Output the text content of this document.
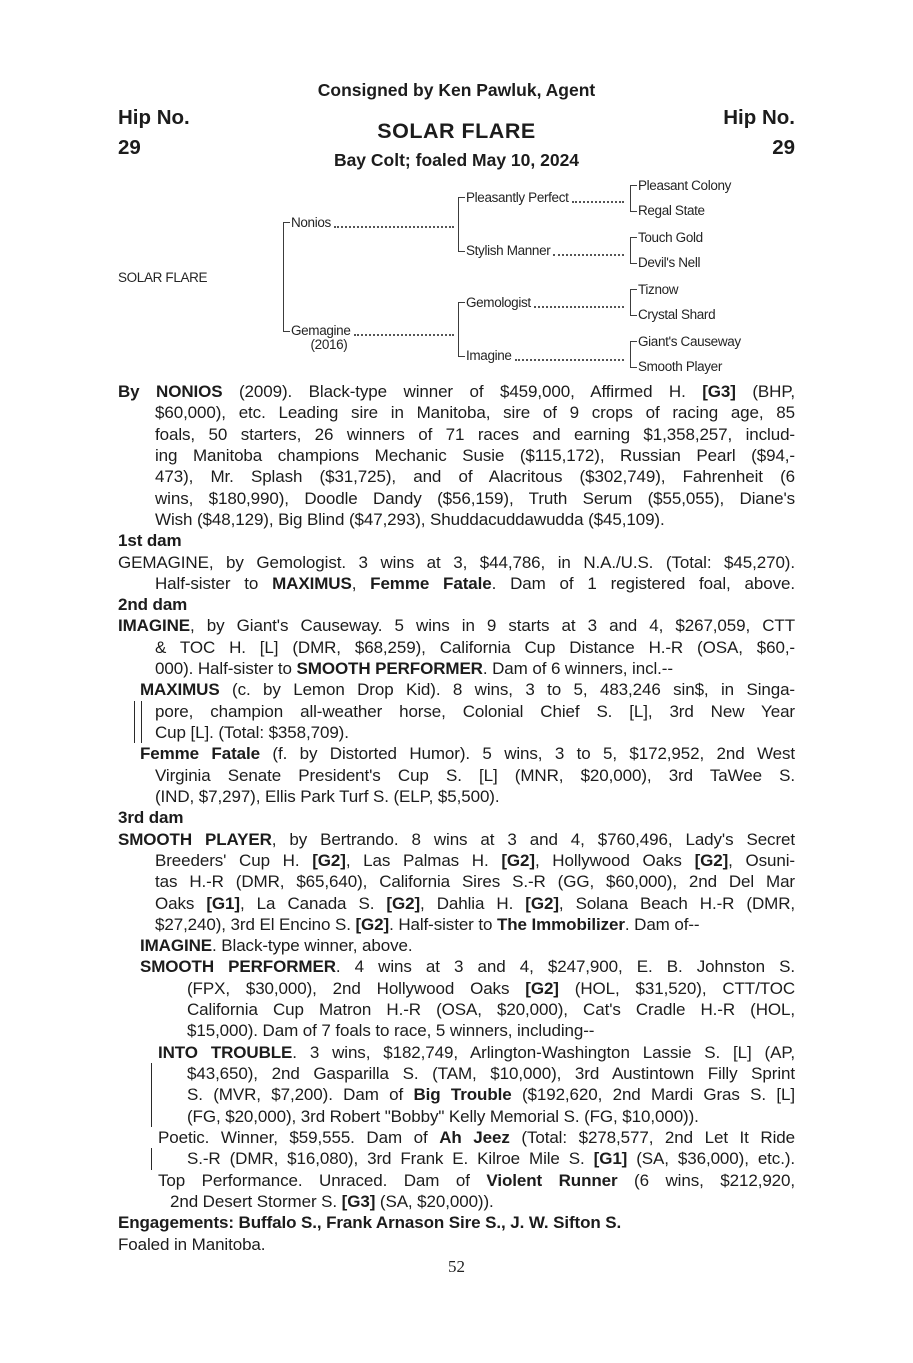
Consigned by Ken Pawluk, Agent
Hip No.
29
Hip No.
29
SOLAR FLARE
Bay Colt; foaled May 10, 2024
SOLAR FLARE
Nonios
Gemagine
(2016)
Pleasantly Perfect
Stylish Manner
Gemologist
Imagine
Pleasant Colony
Regal State
Touch Gold
Devil's Nell
Tiznow
Crystal Shard
Giant's Causeway
Smooth Player
By NONIOS (2009). Black-type winner of $459,000, Affirmed H. [G3] (BHP,
$60,000), etc. Leading sire in Manitoba, sire of 9 crops of racing age, 85
foals, 50 starters, 26 winners of 71 races and earning $1,358,257, includ-
ing Manitoba champions Mechanic Susie ($115,172), Russian Pearl ($94,-
473), Mr. Splash ($31,725), and of Alacritous ($302,749), Fahrenheit (6
wins, $180,990), Doodle Dandy ($56,159), Truth Serum ($55,055), Diane's
Wish ($48,129), Big Blind ($47,293), Shuddacuddawudda ($45,109).
1st dam
GEMAGINE, by Gemologist. 3 wins at 3, $44,786, in N.A./U.S. (Total: $45,270).
Half-sister to MAXIMUS, Femme Fatale. Dam of 1 registered foal, above.
2nd dam
IMAGINE, by Giant's Causeway. 5 wins in 9 starts at 3 and 4, $267,059, CTT
& TOC H. [L] (DMR, $68,259), California Cup Distance H.-R (OSA, $60,-
000). Half-sister to SMOOTH PERFORMER. Dam of 6 winners, incl.--
MAXIMUS (c. by Lemon Drop Kid). 8 wins, 3 to 5, 483,246 sin$, in Singa-
pore, champion all-weather horse, Colonial Chief S. [L], 3rd New Year
Cup [L]. (Total: $358,709).
Femme Fatale (f. by Distorted Humor). 5 wins, 3 to 5, $172,952, 2nd West
Virginia Senate President's Cup S. [L] (MNR, $20,000), 3rd TaWee S.
(IND, $7,297), Ellis Park Turf S. (ELP, $5,500).
3rd dam
SMOOTH PLAYER, by Bertrando. 8 wins at 3 and 4, $760,496, Lady's Secret
Breeders' Cup H. [G2], Las Palmas H. [G2], Hollywood Oaks [G2], Osuni-
tas H.-R (DMR, $65,640), California Sires S.-R (GG, $60,000), 2nd Del Mar
Oaks [G1], La Canada S. [G2], Dahlia H. [G2], Solana Beach H.-R (DMR,
$27,240), 3rd El Encino S. [G2]. Half-sister to The Immobilizer. Dam of--
IMAGINE. Black-type winner, above.
SMOOTH PERFORMER. 4 wins at 3 and 4, $247,900, E. B. Johnston S.
(FPX, $30,000), 2nd Hollywood Oaks [G2] (HOL, $31,520), CTT/TOC
California Cup Matron H.-R (OSA, $20,000), Cat's Cradle H.-R (HOL,
$15,000). Dam of 7 foals to race, 5 winners, including--
INTO TROUBLE. 3 wins, $182,749, Arlington-Washington Lassie S. [L] (AP,
$43,650), 2nd Gasparilla S. (TAM, $10,000), 3rd Austintown Filly Sprint
S. (MVR, $7,200). Dam of Big Trouble ($192,620, 2nd Mardi Gras S. [L]
(FG, $20,000), 3rd Robert "Bobby" Kelly Memorial S. (FG, $10,000)).
Poetic. Winner, $59,555. Dam of Ah Jeez (Total: $278,577, 2nd Let It Ride
S.-R (DMR, $16,080), 3rd Frank E. Kilroe Mile S. [G1] (SA, $36,000), etc.).
Top Performance. Unraced. Dam of Violent Runner (6 wins, $212,920,
2nd Desert Stormer S. [G3] (SA, $20,000)).
Engagements: Buffalo S., Frank Arnason Sire S., J. W. Sifton S.
Foaled in Manitoba.
52
